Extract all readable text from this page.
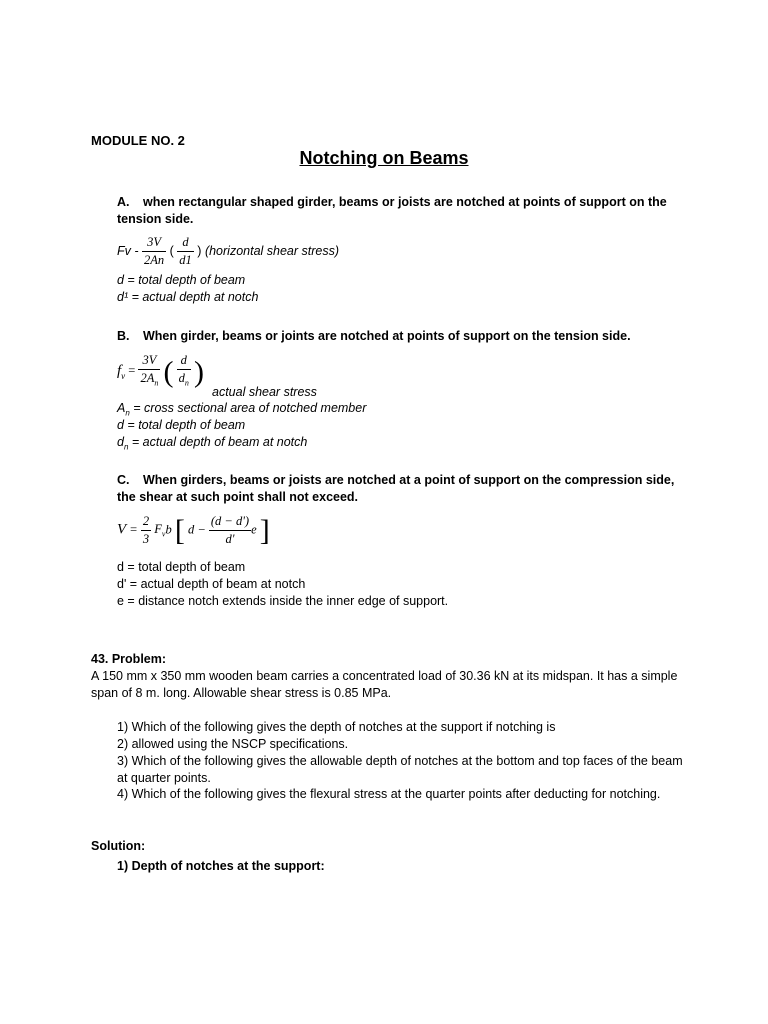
MODULE NO. 2
Notching on Beams
A. when rectangular shaped girder, beams or joists are notched at points of support on the tension side.
Fv - $\frac{3V}{2An}$ ( $\frac{d}{d1}$ ) (horizontal shear stress)
d = total depth of beam
d¹ = actual depth at notch
B. When girder, beams or joints are notched at points of support on the tension side.
$f_v = \frac{3V}{2A_n}$ ( $\frac{d}{d_n}$ )
actual shear stress
$A_n$ = cross sectional area of notched member
d = total depth of beam
$d_n$ = actual depth of beam at notch
C. When girders, beams or joists are notched at a point of support on the compression side, the shear at such point shall not exceed.
$V = \frac{2}{3} F_vb$ [ $d - \frac{(d - d')}{d'}$ e ]
d = total depth of beam
d' = actual depth of beam at notch
e = distance notch extends inside the inner edge of support.
43. Problem:
A 150 mm x 350 mm wooden beam carries a concentrated load of 30.36 kN at its midspan. It has a simple span of 8 m. long. Allowable shear stress is 0.85 MPa.
1) Which of the following gives the depth of notches at the support if notching is
2) allowed using the NSCP specifications.
3) Which of the following gives the allowable depth of notches at the bottom and top faces of the beam at quarter points.
4) Which of the following gives the flexural stress at the quarter points after deducting for notching.
Solution:
1) Depth of notches at the support:
